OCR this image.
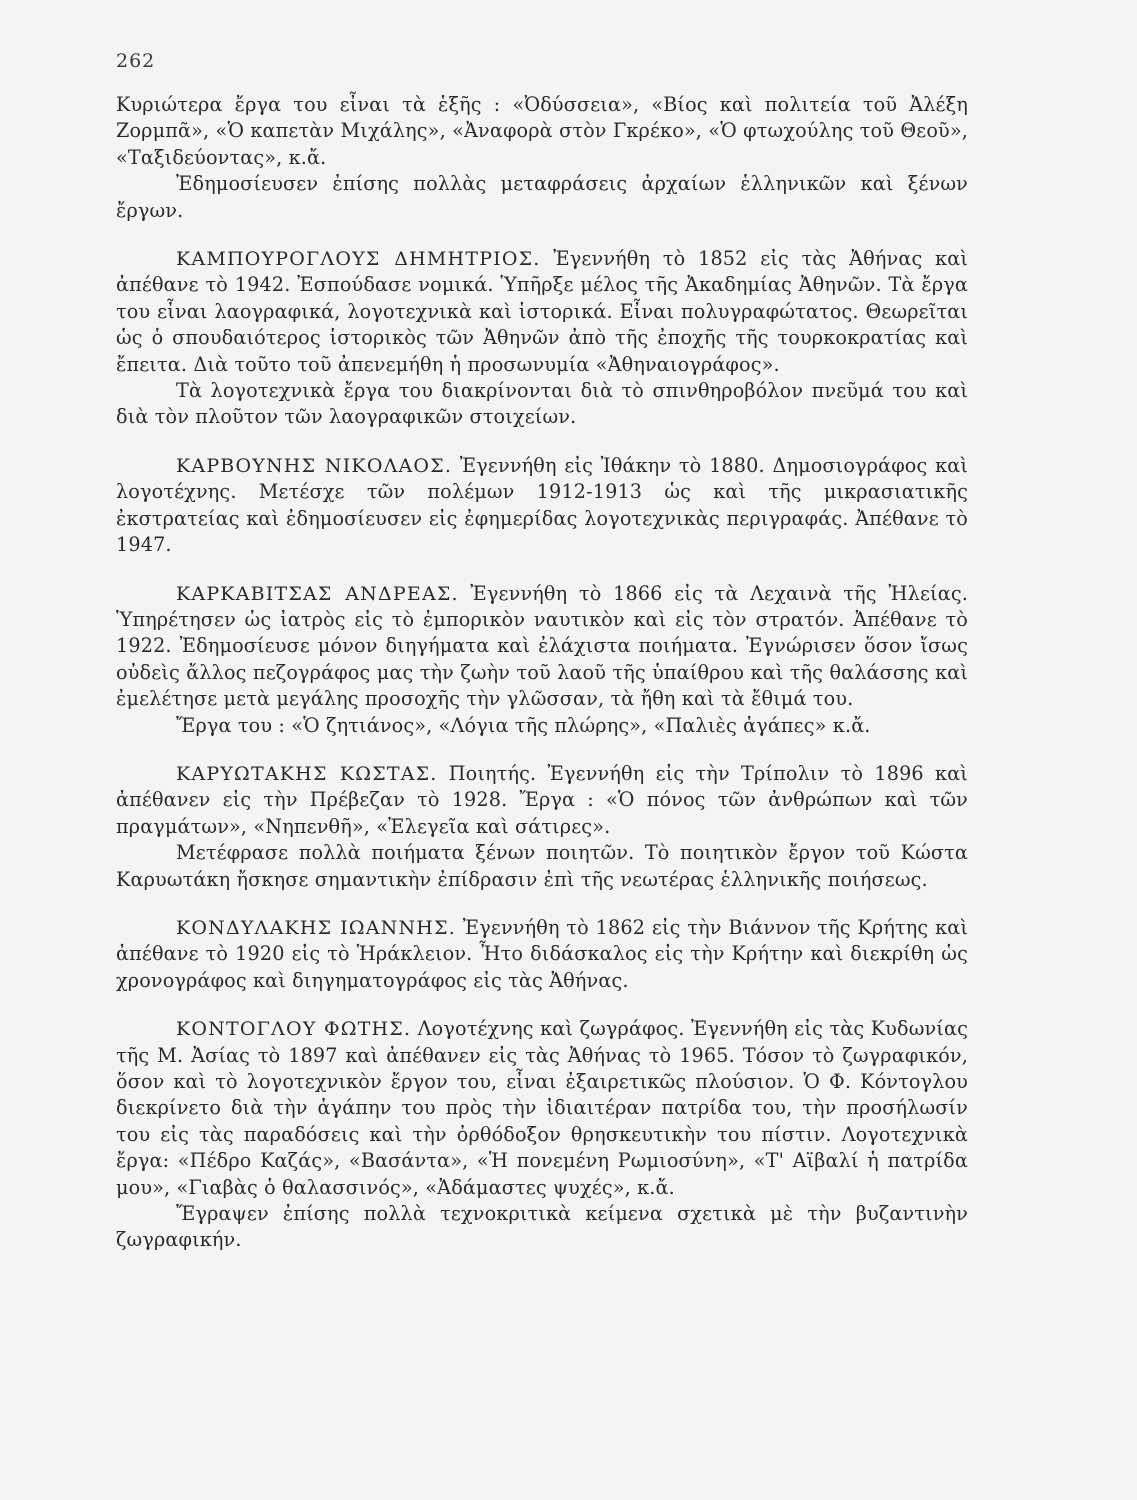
262

Κυριώτερα ἔργα του εἶναι τὰ ἑξῆς : «Ὀδύσσεια», «Βίος καὶ πολιτεία τοῦ Ἀλέξη Ζορμπᾶ», «Ὁ καπετὰν Μιχάλης», «Ἀναφορὰ στὸν Γκρέκο», «Ὁ φτωχούλης τοῦ Θεοῦ», «Ταξιδεύοντας», κ.ἄ.

Ἐδημοσίευσεν ἐπίσης πολλὰς μεταφράσεις ἀρχαίων ἑλληνικῶν καὶ ξένων ἔργων.

ΚΑΜΠΟΥΡΟΓΛΟΥΣ ΔΗΜΗΤΡΙΟΣ. Ἐγεννήθη τὸ 1852 εἰς τὰς Ἀθήνας καὶ ἀπέθανε τὸ 1942. Ἐσπούδασε νομικά. Ὑπῆρξε μέλος τῆς Ἀκαδημίας Ἀθηνῶν. Τὰ ἔργα του εἶναι λαογραφικά, λογοτεχνικὰ καὶ ἱστορικά. Εἶναι πολυγραφώτατος. Θεωρεῖται ὡς ὁ σπουδαιότερος ἱστορικὸς τῶν Ἀθηνῶν ἀπὸ τῆς ἐποχῆς τῆς τουρκοκρατίας καὶ ἔπειτα. Διὰ τοῦτο τοῦ ἀπενεμήθη ἡ προσωνυμία «Ἀθηναιογράφος».

Τὰ λογοτεχνικὰ ἔργα του διακρίνονται διὰ τὸ σπινθηροβόλον πνεῦμά του καὶ διὰ τὸν πλοῦτον τῶν λαογραφικῶν στοιχείων.

ΚΑΡΒΟΥΝΗΣ ΝΙΚΟΛΑΟΣ. Ἐγεννήθη εἰς Ἰθάκην τὸ 1880. Δημοσιογράφος καὶ λογοτέχνης. Μετέσχε τῶν πολέμων 1912-1913 ὡς καὶ τῆς μικρασιατικῆς ἐκστρατείας καὶ ἐδημοσίευσεν εἰς ἐφημερίδας λογοτεχνικὰς περιγραφάς. Ἀπέθανε τὸ 1947.

ΚΑΡΚΑΒΙΤΣΑΣ ΑΝΔΡΕΑΣ. Ἐγεννήθη τὸ 1866 εἰς τὰ Λεχαινὰ τῆς Ἠλείας. Ὑπηρέτησεν ὡς ἰατρὸς εἰς τὸ ἐμπορικὸν ναυτικὸν καὶ εἰς τὸν στρατόν. Ἀπέθανε τὸ 1922. Ἐδημοσίευσε μόνον διηγήματα καὶ ἐλάχιστα ποιήματα. Ἐγνώρισεν ὅσον ἴσως οὐδεὶς ἄλλος πεζογράφος μας τὴν ζωὴν τοῦ λαοῦ τῆς ὑπαίθρου καὶ τῆς θαλάσσης καὶ ἐμελέτησε μετὰ μεγάλης προσοχῆς τὴν γλῶσσαν, τὰ ἤθη καὶ τὰ ἔθιμά του.

Ἔργα του : «Ὁ ζητιάνος», «Λόγια τῆς πλώρης», «Παλιὲς ἀγάπες» κ.ἄ.

ΚΑΡΥΩΤΑΚΗΣ ΚΩΣΤΑΣ. Ποιητής. Ἐγεννήθη εἰς τὴν Τρίπολιν τὸ 1896 καὶ ἀπέθανεν εἰς τὴν Πρέβεζαν τὸ 1928. Ἔργα : «Ὁ πόνος τῶν ἀνθρώπων καὶ τῶν πραγμάτων», «Νηπενθῆ», «Ἐλεγεῖα καὶ σάτιρες».

Μετέφρασε πολλὰ ποιήματα ξένων ποιητῶν. Τὸ ποιητικὸν ἔργον τοῦ Κώστα Καρυωτάκη ἤσκησε σημαντικὴν ἐπίδρασιν ἐπὶ τῆς νεωτέρας ἑλληνικῆς ποιήσεως.

ΚΟΝΔΥΛΑΚΗΣ ΙΩΑΝΝΗΣ. Ἐγεννήθη τὸ 1862 εἰς τὴν Βιάννον τῆς Κρήτης καὶ ἀπέθανε τὸ 1920 εἰς τὸ Ἡράκλειον. Ἦτο διδάσκαλος εἰς τὴν Κρήτην καὶ διεκρίθη ὡς χρονογράφος καὶ διηγηματογράφος εἰς τὰς Ἀθήνας.

ΚΟΝΤΟΓΛΟΥ ΦΩΤΗΣ. Λογοτέχνης καὶ ζωγράφος. Ἐγεννήθη εἰς τὰς Κυδωνίας τῆς Μ. Ἀσίας τὸ 1897 καὶ ἀπέθανεν εἰς τὰς Ἀθήνας τὸ 1965. Τόσον τὸ ζωγραφικόν, ὅσον καὶ τὸ λογοτεχνικὸν ἔργον του, εἶναι ἐξαιρετικῶς πλούσιον. Ὁ Φ. Κόντογλου διεκρίνετο διὰ τὴν ἀγάπην του πρὸς τὴν ἰδιαιτέραν πατρίδα του, τὴν προσήλωσίν του εἰς τὰς παραδόσεις καὶ τὴν ὀρθόδοξον θρησκευτικὴν του πίστιν. Λογοτεχνικὰ ἔργα: «Πέδρο Καζάς», «Βασάντα», «Ἡ πονεμένη Ρωμιοσύνη», «Τ' Αϊβαλί ἡ πατρίδα μου», «Γιαβὰς ὁ θαλασσινός», «Ἀδάμαστες ψυχές», κ.ἄ.

Ἔγραψεν ἐπίσης πολλὰ τεχνοκριτικὰ κείμενα σχετικὰ μὲ τὴν βυζαντινὴν ζωγραφικήν.
